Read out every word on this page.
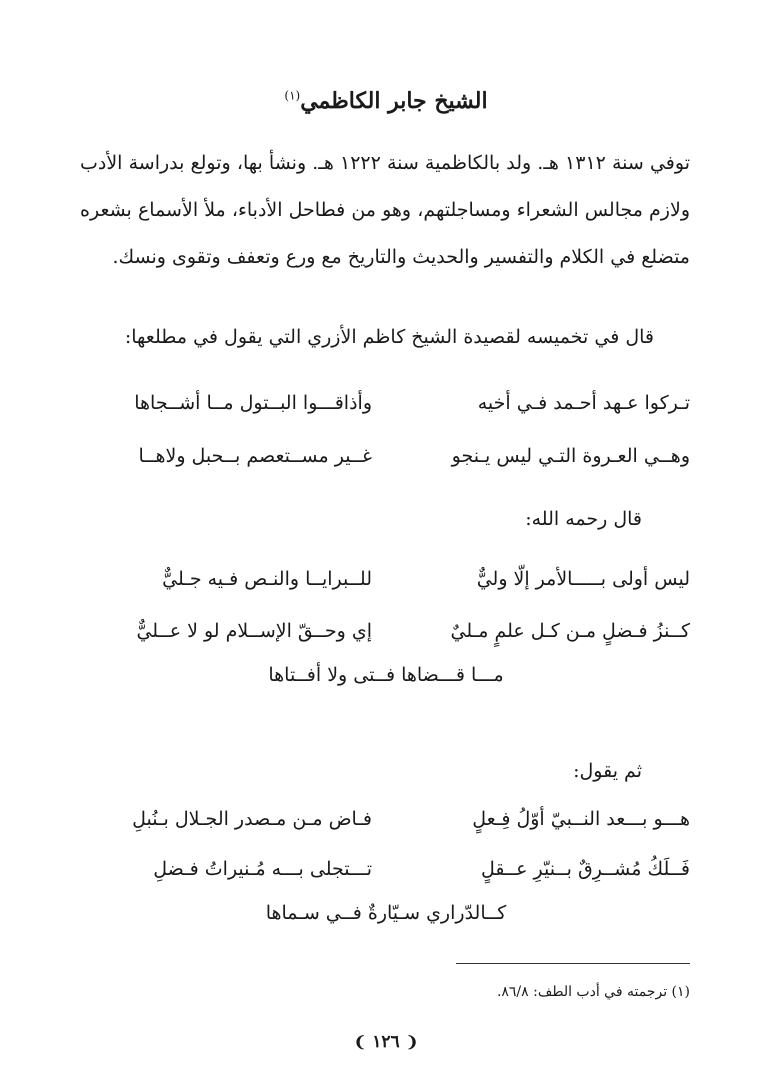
الشيخ جابر الكاظمي$^{(١)}$

توفي سنة ١٣١٢ هـ. ولد بالكاظمية سنة ١٢٢٢ هـ. ونشأ بها، وتولع بدراسة الأدب ولازم مجالس الشعراء ومساجلتهم، وهو من فطاحل الأدباء، ملأ الأسماع بشعره متضلع في الكلام والتفسير والحديث والتاريخ مع ورع وتعفف وتقوى ونسك.

قال في تخميسه لقصيدة الشيخ كاظم الأزري التي يقول في مطلعها:

تـركوا عـهد أحـمد فـي أخيه
وأذاقـــوا البــتول مــا أشــجاها
وهــي العـروة التـي ليس يـنجو
غــير مســتعصم بــحبل ولاهــا
قال رحمه الله:
ليس أولى بـــــالأمر إلّا وليٌّ
للــبرايــا والنـص فـيه جـليٌّ
كــنزُ فـضلٍ مـن كـل علمٍ مـليٌ
إي وحــقّ الإســلام لو لا عــليٌّ
مـــا قـــضاها فــتى ولا أفــتاها
ثم يقول:
هـــو بـــعد النــبيّ أوّلُ فِـعلٍ
فـاض مـن مـصدر الجـلال بـنُبلِ
فَــلَكُ مُشــرِقٌ بــنيّرِ عــقلٍ
تـــتجلى بـــه مُـنيراتُ فـضلِ
كــالدّراري سـيّارةٌ فــي سـماها
(١) ترجمته في أدب الطف: ٨٦/٨.
❨ ١٢٦ ❩
